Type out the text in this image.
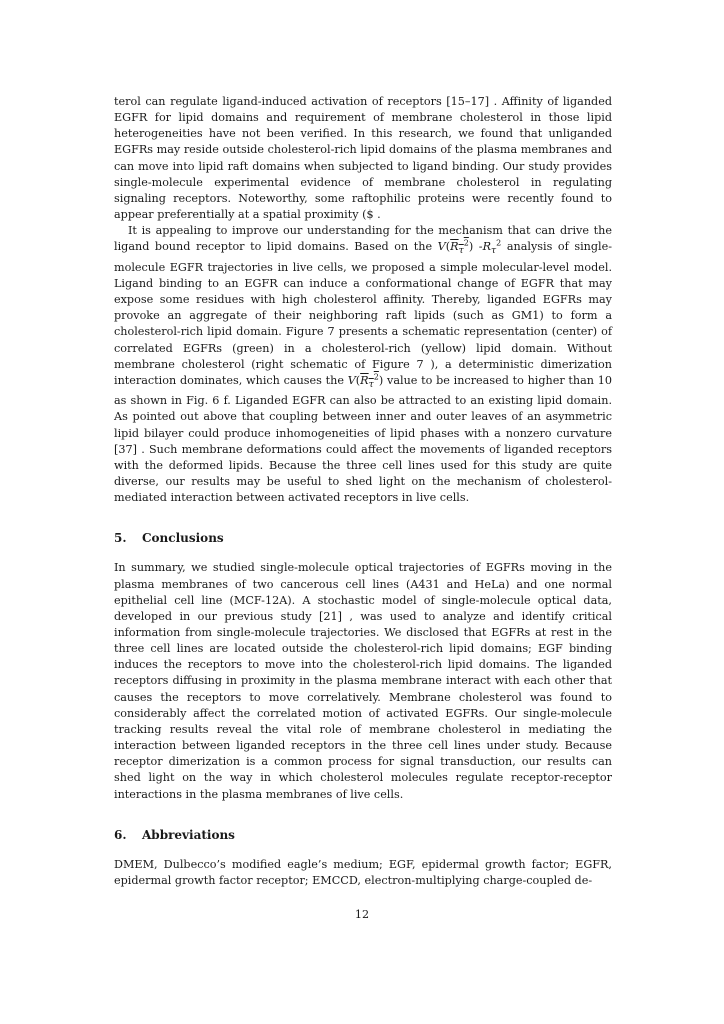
terol can regulate ligand-induced activation of receptors [15–17] . Affinity of liganded EGFR for lipid domains and requirement of membrane cholesterol in those lipid heterogeneities have not been verified. In this research, we found that unliganded EGFRs may reside outside cholesterol-rich lipid domains of the plasma membranes and can move into lipid raft domains when subjected to ligand binding. Our study provides single-molecule experimental evidence of membrane cholesterol in regulating signaling receptors. Noteworthy, some raftophilic proteins were recently found to appear preferentially at a spatial proximity ($ .

It is appealing to improve our understanding for the mechanism that can drive the ligand bound receptor to lipid domains. Based on the $V(R_\tau^2)$ $-R_\tau^2$ analysis of single-molecule EGFR trajectories in live cells, we proposed a simple molecular-level model. Ligand binding to an EGFR can induce a conformational change of EGFR that may expose some residues with high cholesterol affinity. Thereby, liganded EGFRs may provoke an aggregate of their neighboring raft lipids (such as GM1) to form a cholesterol-rich lipid domain. Figure 7 presents a schematic representation (center) of correlated EGFRs (green) in a cholesterol-rich (yellow) lipid domain. Without membrane cholesterol (right schematic of Figure 7 ), a deterministic dimerization interaction dominates, which causes the $V(R_\tau^2)$ value to be increased to higher than 10 as shown in Fig. 6 f. Liganded EGFR can also be attracted to an existing lipid domain. As pointed out above that coupling between inner and outer leaves of an asymmetric lipid bilayer could produce inhomogeneities of lipid phases with a nonzero curvature [37] . Such membrane deformations could affect the movements of liganded receptors with the deformed lipids. Because the three cell lines used for this study are quite diverse, our results may be useful to shed light on the mechanism of cholesterol-mediated interaction between activated receptors in live cells.

5. Conclusions

In summary, we studied single-molecule optical trajectories of EGFRs moving in the plasma membranes of two cancerous cell lines (A431 and HeLa) and one normal epithelial cell line (MCF-12A). A stochastic model of single-molecule optical data, developed in our previous study [21] , was used to analyze and identify critical information from single-molecule trajectories. We disclosed that EGFRs at rest in the three cell lines are located outside the cholesterol-rich lipid domains; EGF binding induces the receptors to move into the cholesterol-rich lipid domains. The liganded receptors diffusing in proximity in the plasma membrane interact with each other that causes the receptors to move correlatively. Membrane cholesterol was found to considerably affect the correlated motion of activated EGFRs. Our single-molecule tracking results reveal the vital role of membrane cholesterol in mediating the interaction between liganded receptors in the three cell lines under study. Because receptor dimerization is a common process for signal transduction, our results can shed light on the way in which cholesterol molecules regulate receptor-receptor interactions in the plasma membranes of live cells.

6. Abbreviations

DMEM, Dulbecco’s modified eagle’s medium; EGF, epidermal growth factor; EGFR, epidermal growth factor receptor; EMCCD, electron-multiplying charge-coupled de-

12
